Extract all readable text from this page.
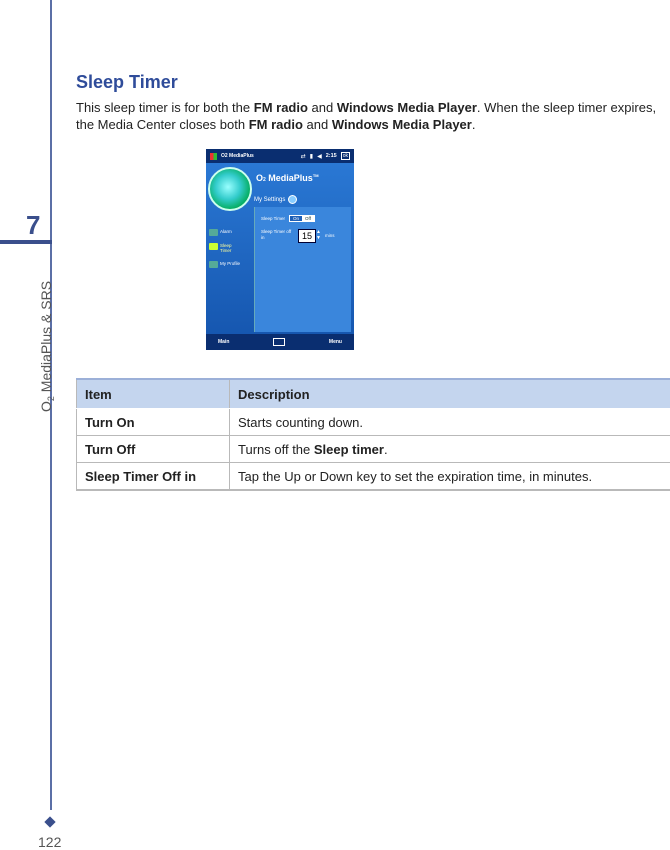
7
$O_2$ MediaPlus & SRS
122
Sleep Timer

This sleep timer is for both the FM radio and Windows Media Player. When the sleep timer expires, the Media Center closes both FM radio and Windows Media Player.

O2 MediaPlus	⇄ ▮ ◀ 2:15	ok
O2 MediaPlus™
My Settings
Alarm
Sleep Timer
My Profile
Sleep Timer	On	Off
Sleep Timer off in	15 ▲
▼ mins
Main	Menu
Item	Description
Turn On	Starts counting down.
Turn Off	Turns off the Sleep timer.
Sleep Timer Off in	Tap the Up or Down key to set the expiration time, in minutes.
